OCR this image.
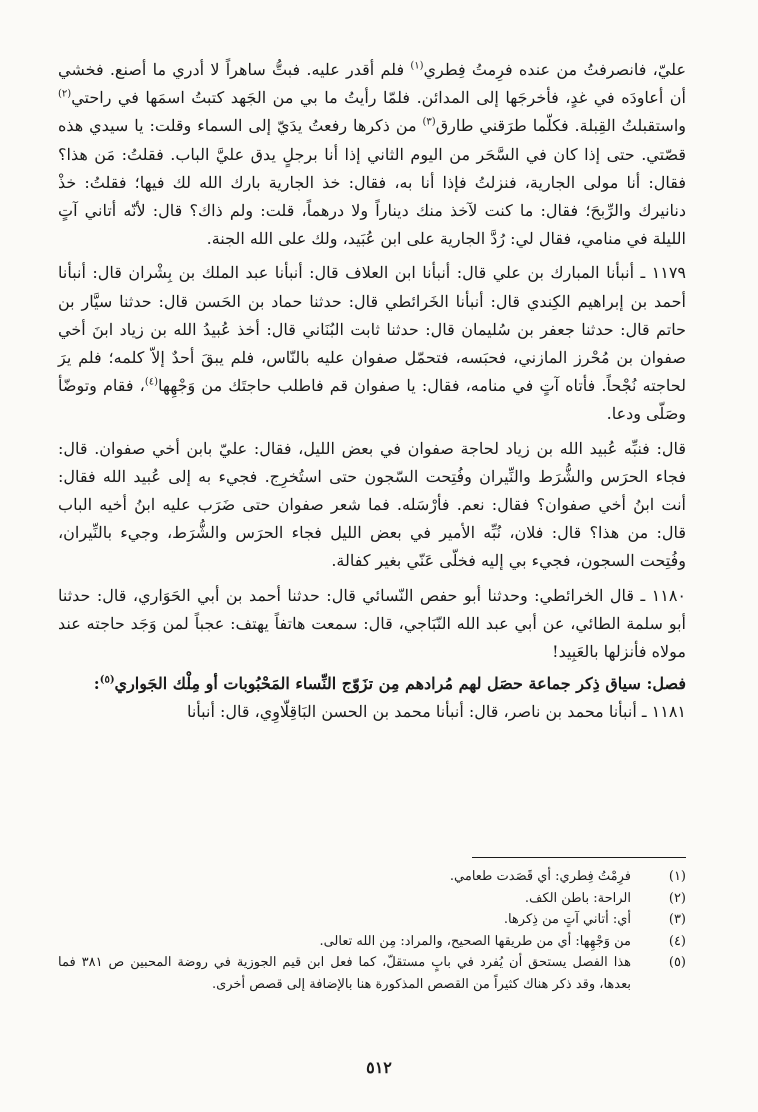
عليّ، فانصرفتُ من عنده فرِمتُ فِطري$^{(١)}$ فلم أقدر عليه. فبتُّ ساهراً لا أدري ما أصنع. فخشي أن أعاودَه في غدٍ، فأخرجَها إلى المدائن. فلمّا رأيتُ ما بي من الجَهد كتبتُ اسمَها في راحتي$^{(٢)}$ واستقبلتُ القِبلة. فكلّما طرَقني طارق$^{(٣)}$ من ذكرها رفعتُ يدَيّ إلى السماء وقلت: يا سيدي هذه قصّتي. حتى إذا كان في السَّحَر من اليوم الثاني إذا أنا برجلٍ يدق عليَّ الباب. فقلتُ: مَن هذا؟ فقال: أنا مولى الجارية، فنزلتُ فإذا أنا به، فقال: خذ الجارية بارك الله لك فيها؛ فقلتُ: خذْ دنانيرك والرِّبحَ؛ فقال: ما كنت لآخذ منك ديناراً ولا درهماً، قلت: ولم ذاك؟ قال: لأنّه أتاني آتٍ الليلة في منامي، فقال لي: رُدَّ الجارية على ابن عُبَيد، ولك على الله الجنة.

١١٧٩ ـ أنبأنا المبارك بن علي قال: أنبأنا ابن العلاف قال: أنبأنا عبد الملك بن بِشْران قال: أنبأنا أحمد بن إبراهيم الكِندي قال: أنبأنا الخَرائطي قال: حدثنا حماد بن الحَسن قال: حدثنا سيَّار بن حاتم قال: حدثنا جعفر بن سُليمان قال: حدثنا ثابت البُنَاني قال: أخذ عُبيدُ الله بن زياد ابنَ أخي صفوان بن مُحْرز المازني، فحبَسه، فتحمّل صفوان عليه بالنّاس، فلم يبقَ أحدٌ إلاّ كلمه؛ فلم يرَ لحاجته نُجْحاً. فأتاه آتٍ في منامه، فقال: يا صفوان قم فاطلب حاجتَك من وَجْهِها$^{(٤)}$، فقام وتوضّأ وصَلّى ودعا.

قال: فنبِّه عُبيد الله بن زياد لحاجة صفوان في بعض الليل، فقال: عليّ بابن أخي صفوان. قال: فجاء الحرَس والشُّرَط والنِّيران وفُتِحت السّجون حتى استُخرِج. فجيء به إلى عُبيد الله فقال: أنت ابنُ أخي صفوان؟ فقال: نعم. فأرْسَله. فما شعر صفوان حتى ضَرَب عليه ابنُ أخيه الباب قال: من هذا؟ قال: فلان، نُبِّه الأمير في بعض الليل فجاء الحرَس والشُّرَط، وجيء بالنِّيران، وفُتِحت السجون، فجيء بي إليه فخلّى عَنّي بغير كفالة.

١١٨٠ ـ قال الخرائطي: وحدثنا أبو حفص النّسائي قال: حدثنا أحمد بن أبي الحَوَاري، قال: حدثنا أبو سلمة الطائي، عن أبي عبد الله النّبَاجي، قال: سمعت هاتفاً يهتف: عجباً لمن وَجَد حاجته عند مولاه فأنزلها بالعَبِيد!

فصل: سياق ذِكر جماعة حصَل لهم مُرادهم مِن تزَوّج النِّساء المَحْبُوبات أو مِلْك الجَواري$^{(٥)}$:

١١٨١ ـ أنبأنا محمد بن ناصر، قال: أنبأنا محمد بن الحسن البَاقِلّاوِي، قال: أنبأنا

(١)
فرِمْتُ فِطري: أي قَصَدت طعامي.
(٢)
الراحة: باطن الكف.
(٣)
أي: أتاني آتٍ من ذِكرها.
(٤)
من وَجْهِها: أي من طريقها الصحيح، والمراد: مِن الله تعالى.
(٥)
هذا الفصل يستحق أن يُفرد في بابٍ مستقلّ، كما فعل ابن قيم الجوزية في روضة المحبين ص ٣٨١ فما بعدها، وقد ذكر هناك كثيراً من القصص المذكورة هنا بالإضافة إلى قصص أخرى.
٥١٢
